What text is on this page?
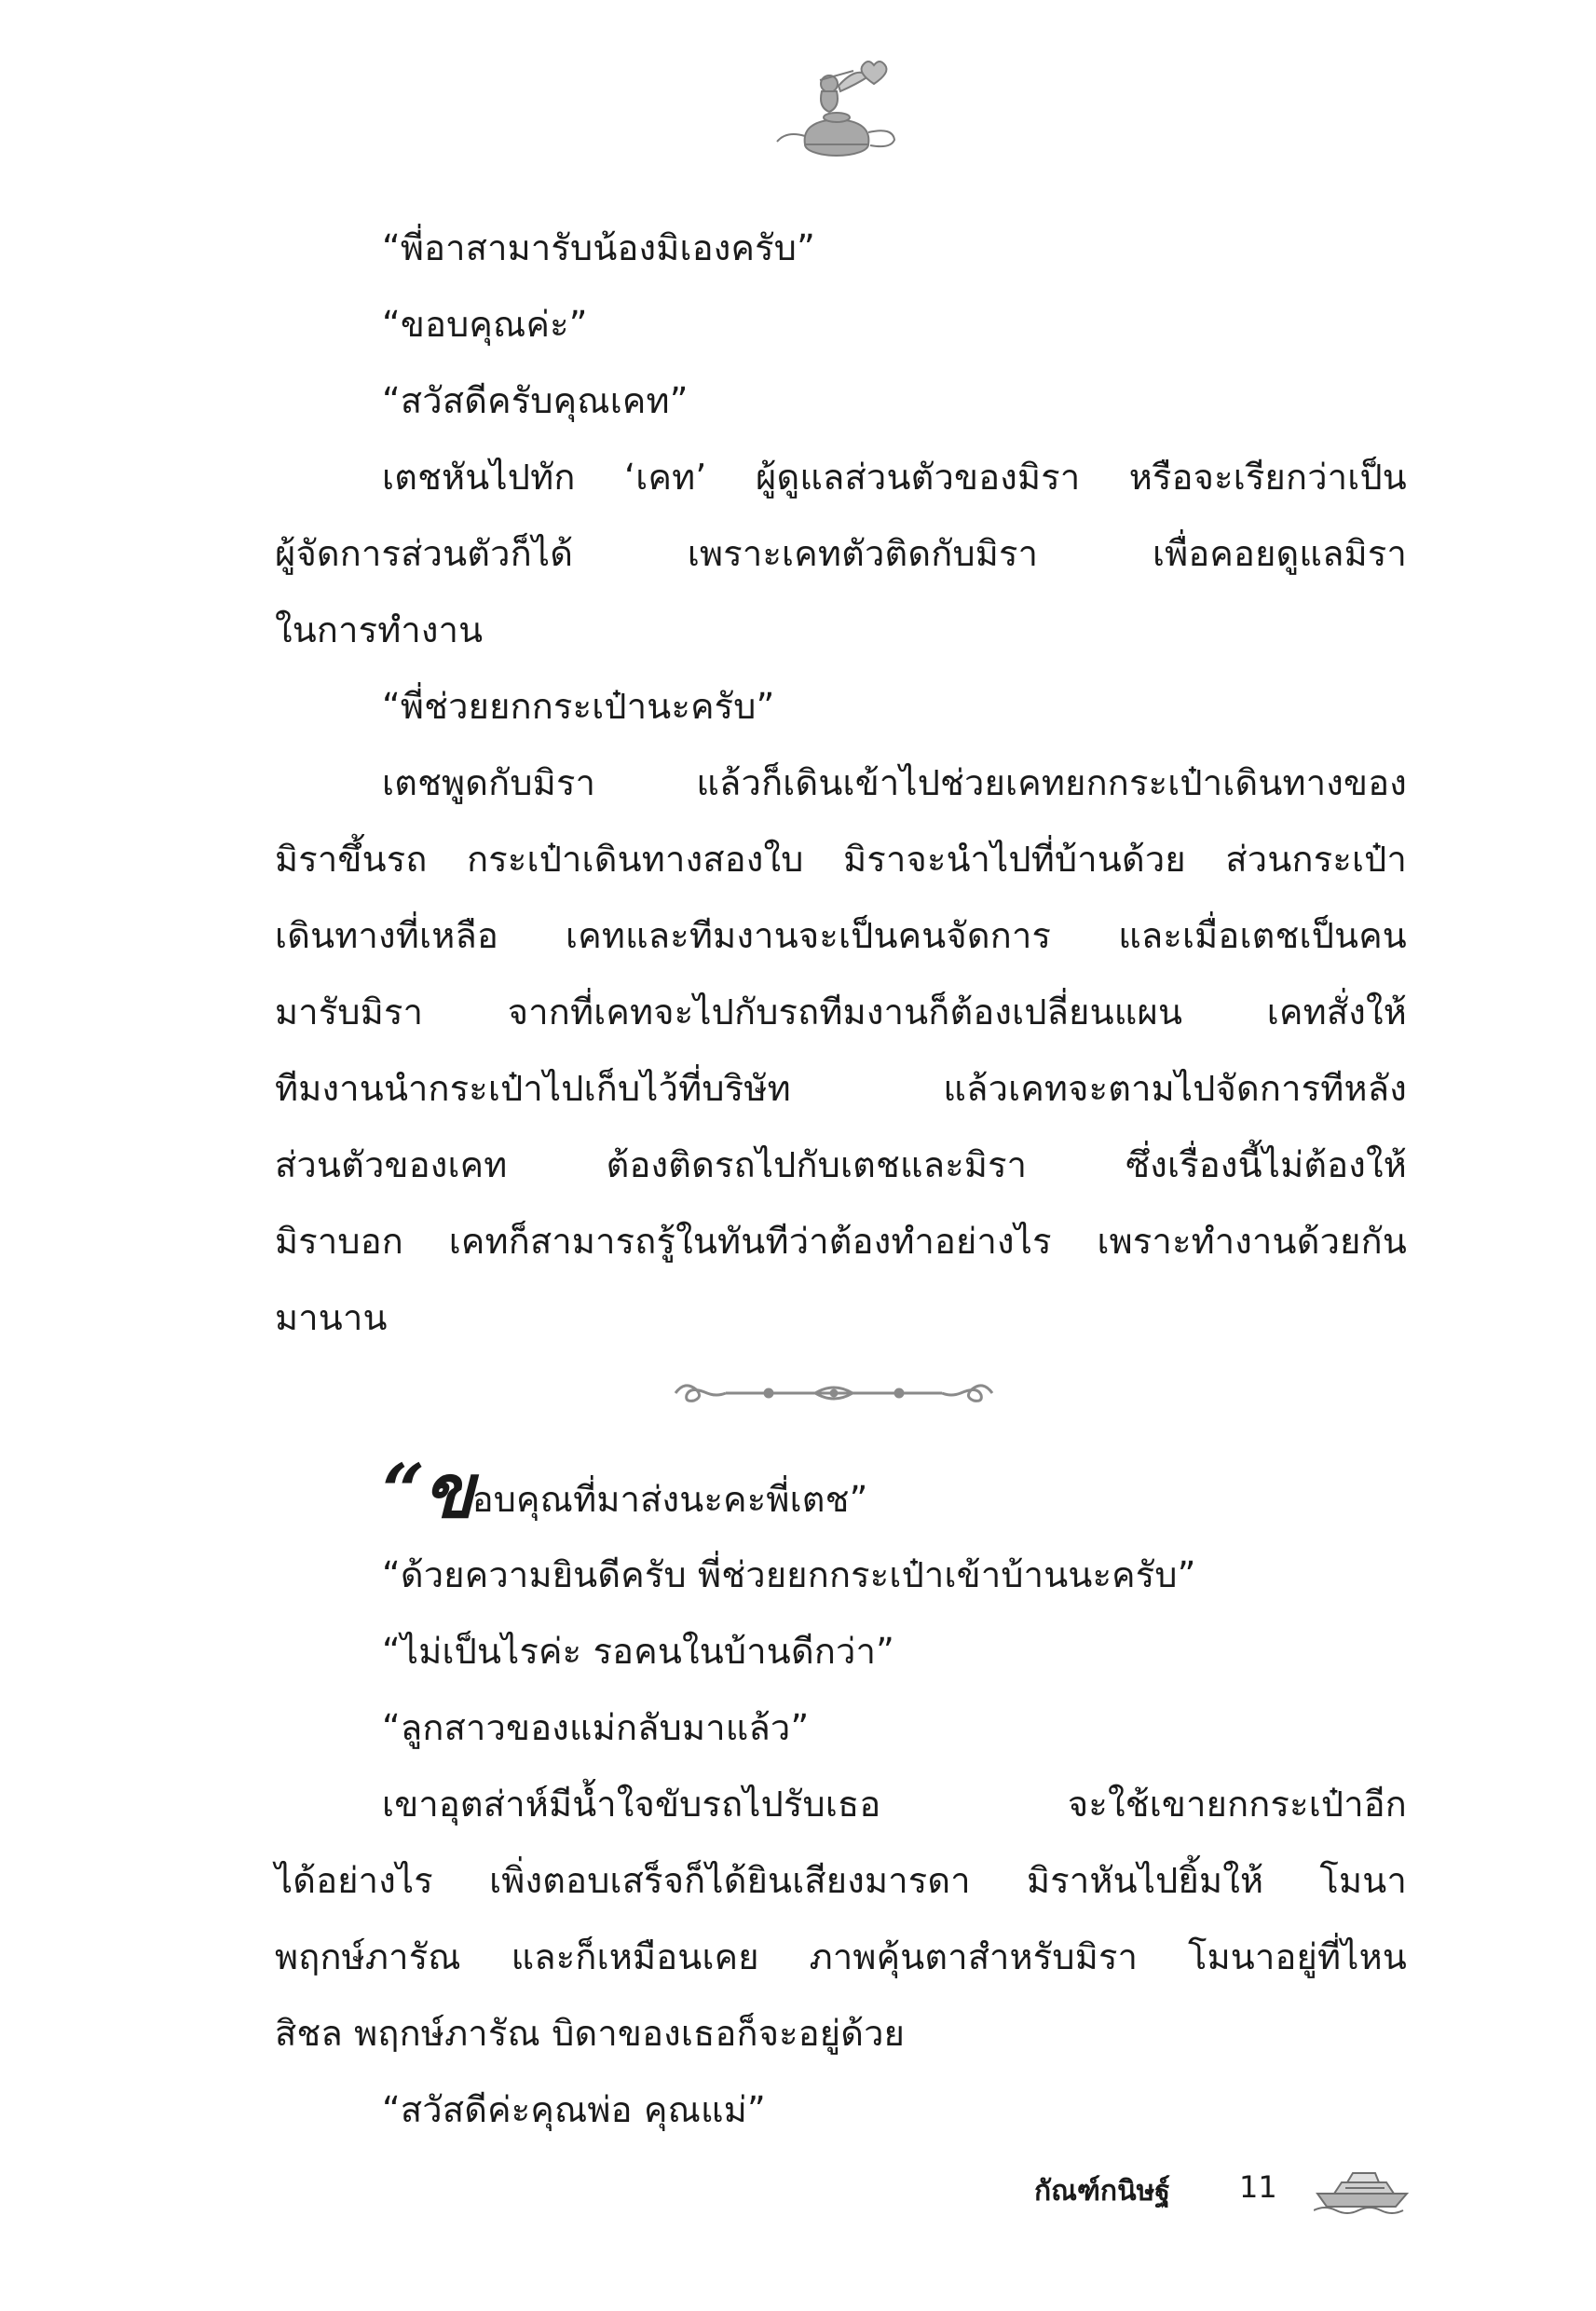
“พี่อาสามารับน้องมิเองครับ”

“ขอบคุณค่ะ”

“สวัสดีครับคุณเคท”

เตชหันไปทัก ‘เคท’ ผู้ดูแลส่วนตัวของมิรา หรือจะเรียกว่าเป็น

ผู้จัดการส่วนตัวก็ได้ เพราะเคทตัวติดกับมิรา เพื่อคอยดูแลมิรา

ในการทำงาน

“พี่ช่วยยกกระเป๋านะครับ”

เตชพูดกับมิรา แล้วก็เดินเข้าไปช่วยเคทยกกระเป๋าเดินทางของ

มิราขึ้นรถ กระเป๋าเดินทางสองใบ มิราจะนำไปที่บ้านด้วย ส่วนกระเป๋า

เดินทางที่เหลือ เคทและทีมงานจะเป็นคนจัดการ และเมื่อเตชเป็นคน

มารับมิรา จากที่เคทจะไปกับรถทีมงานก็ต้องเปลี่ยนแผน เคทสั่งให้

ทีมงานนำกระเป๋าไปเก็บไว้ที่บริษัท แล้วเคทจะตามไปจัดการทีหลัง

ส่วนตัวของเคท ต้องติดรถไปกับเตชและมิรา ซึ่งเรื่องนี้ไม่ต้องให้

มิราบอก เคทก็สามารถรู้ในทันทีว่าต้องทำอย่างไร เพราะทำงานด้วยกัน

มานาน

“ขอบคุณที่มาส่งนะคะพี่เตช”

“ด้วยความยินดีครับ พี่ช่วยยกกระเป๋าเข้าบ้านนะครับ”

“ไม่เป็นไรค่ะ รอคนในบ้านดีกว่า”

“ลูกสาวของแม่กลับมาแล้ว”

เขาอุตส่าห์มีน้ำใจขับรถไปรับเธอ จะใช้เขายกกระเป๋าอีก

ได้อย่างไร เพิ่งตอบเสร็จก็ได้ยินเสียงมารดา มิราหันไปยิ้มให้ โมนา

พฤกษ์ภารัณ และก็เหมือนเคย ภาพคุ้นตาสำหรับมิรา โมนาอยู่ที่ไหน

สิชล พฤกษ์ภารัณ บิดาของเธอก็จะอยู่ด้วย

“สวัสดีค่ะคุณพ่อ คุณแม่”

กัณฑ์กนิษฐ์ 11
